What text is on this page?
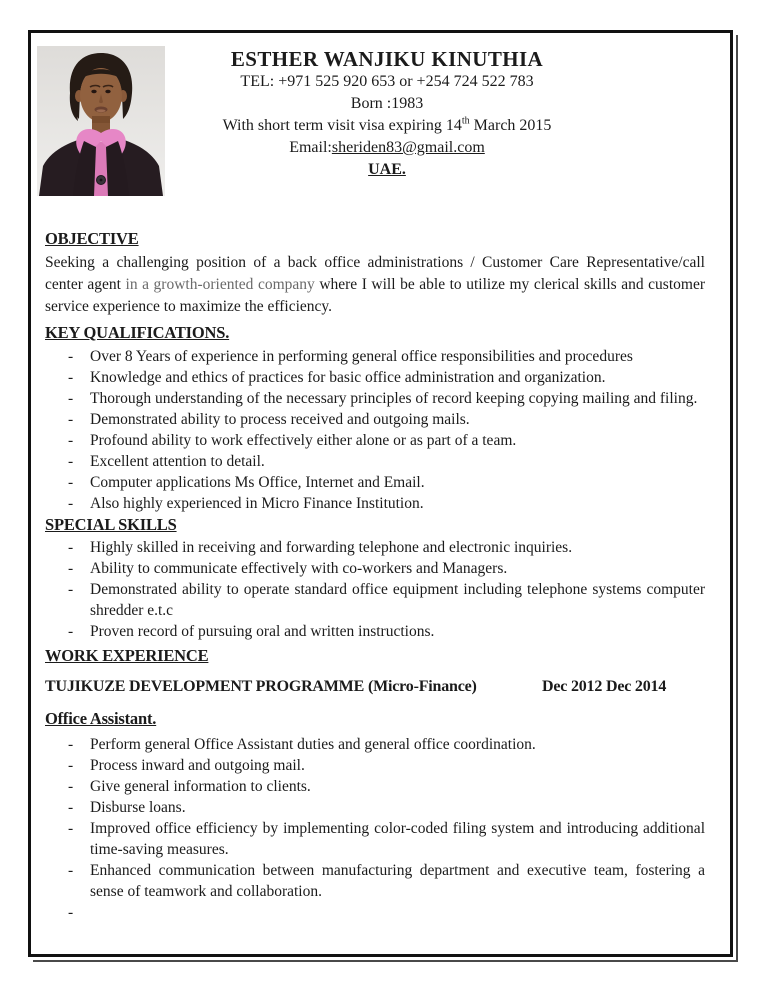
ESTHER WANJIKU KINUTHIA
TEL: +971 525 920 653 or +254 724 522 783
Born :1983
With short term visit visa expiring 14th March 2015
Email:sheriden83@gmail.com
UAE.
OBJECTIVE
Seeking a challenging position of a back office administrations / Customer Care Representative/call center agent in a growth-oriented company where I will be able to utilize my clerical skills and customer service experience to maximize the efficiency.
KEY QUALIFICATIONS.
-	Over 8 Years of experience in performing general office responsibilities and procedures
-	Knowledge and ethics of practices for basic office administration and organization.
-	Thorough understanding of the necessary principles of record keeping copying mailing and filing.
-	Demonstrated ability to process received and outgoing mails.
-	Profound ability to work effectively either alone or as part of a team.
-	Excellent attention to detail.
-	Computer applications Ms Office, Internet and Email.
-	Also highly experienced in Micro Finance Institution.
SPECIAL SKILLS
-	Highly skilled in receiving and forwarding telephone and electronic inquiries.
-	Ability to communicate effectively with co-workers and Managers.
-	Demonstrated ability to operate standard office equipment including telephone systems computer shredder e.t.c
-	Proven record of pursuing oral and written instructions.
WORK EXPERIENCE
TUJIKUZE DEVELOPMENT PROGRAMME (Micro-Finance)	Dec 2012 Dec 2014
Office Assistant.
-	Perform general Office Assistant duties and general office coordination.
-	Process inward and outgoing mail.
-	Give general information to clients.
-	Disburse loans.
-	Improved office efficiency by implementing color-coded filing system and introducing additional time-saving measures.
-	Enhanced communication between manufacturing department and executive team, fostering a sense of teamwork and collaboration.
-
